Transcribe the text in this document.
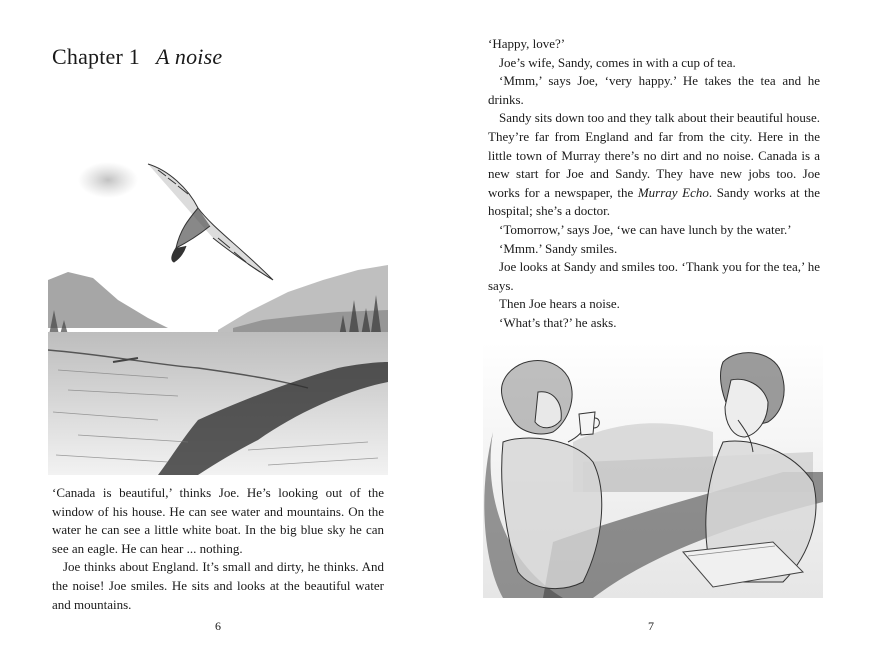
Chapter 1 A noise

‘Canada is beautiful,’ thinks Joe. He’s looking out of the window of his house. He can see water and mountains. On the water he can see a little white boat. In the big blue sky he can see an eagle. He can hear ... nothing.

Joe thinks about England. It’s small and dirty, he thinks. And the noise! Joe smiles. He sits and looks at the beautiful water and mountains.

6

‘Happy, love?’

Joe’s wife, Sandy, comes in with a cup of tea.

‘Mmm,’ says Joe, ‘very happy.’ He takes the tea and he drinks.

Sandy sits down too and they talk about their beautiful house. They’re far from England and far from the city. Here in the little town of Murray there’s no dirt and no noise. Canada is a new start for Joe and Sandy. They have new jobs too. Joe works for a newspaper, the Murray Echo. Sandy works at the hospital; she’s a doctor.

‘Tomorrow,’ says Joe, ‘we can have lunch by the water.’

‘Mmm.’ Sandy smiles.

Joe looks at Sandy and smiles too. ‘Thank you for the tea,’ he says.

Then Joe hears a noise.

‘What’s that?’ he asks.

7
